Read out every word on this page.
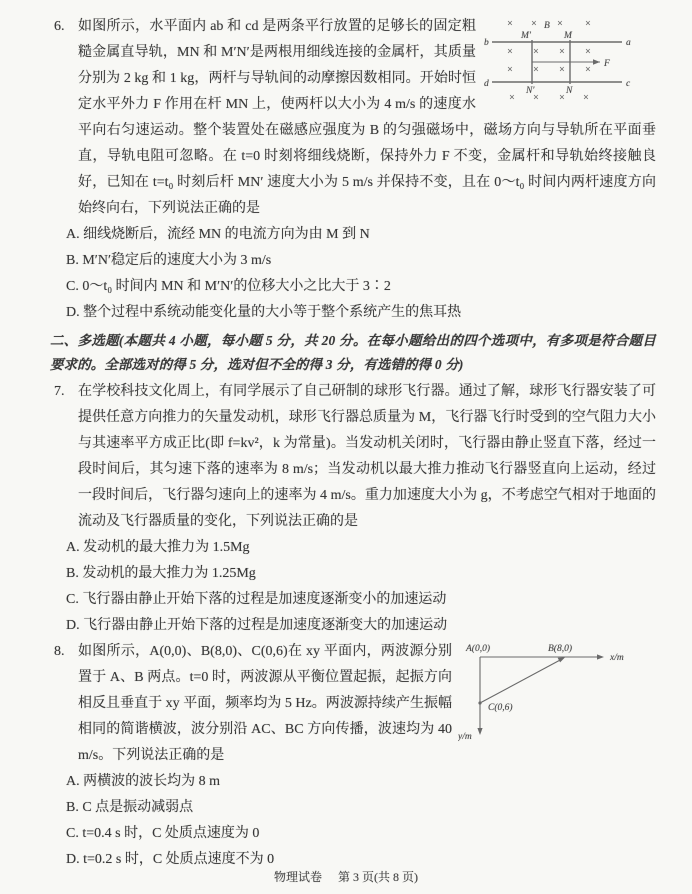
× × × ×
× × × ×
× × × ×
× × × ×
B
b	a
d	c
M′	M
N′	N
F

6. 如图所示，水平面内 ab 和 cd 是两条平行放置的足够长的固定粗糙金属直导轨，MN 和 M′N′是两根用细线连接的金属杆，其质量分别为 2 kg 和 1 kg，两杆与导轨间的动摩擦因数相同。开始时恒定水平外力 F 作用在杆 MN 上，使两杆以大小为 4 m/s 的速度水平向右匀速运动。整个装置处在磁感应强度为 B 的匀强磁场中，磁场方向与导轨所在平面垂直，导轨电阻可忽略。在 t=0 时刻将细线烧断，保持外力 F 不变，金属杆和导轨始终接触良好，已知在 t=t₀ 时刻后杆 MN′ 速度大小为 5 m/s 并保持不变，且在 0～t₀ 时间内两杆速度方向始终向右，下列说法正确的是

A. 细线烧断后，流经 MN 的电流方向为由 M 到 N
B. M′N′稳定后的速度大小为 3 m/s
C. 0～t₀ 时间内 MN 和 M′N′的位移大小之比大于 3∶2
D. 整个过程中系统动能变化量的大小等于整个系统产生的焦耳热
二、多选题(本题共 4 小题，每小题 5 分，共 20 分。在每小题给出的四个选项中，有多项是符合题目要求的。全部选对的得 5 分，选对但不全的得 3 分，有选错的得 0 分)

7. 在学校科技文化周上，有同学展示了自己研制的球形飞行器。通过了解，球形飞行器安装了可提供任意方向推力的矢量发动机，球形飞行器总质量为 M，飞行器飞行时受到的空气阻力大小与其速率平方成正比(即 f=kv²，k 为常量)。当发动机关闭时，飞行器由静止竖直下落，经过一段时间后，其匀速下落的速率为 8 m/s；当发动机以最大推力推动飞行器竖直向上运动，经过一段时间后，飞行器匀速向上的速率为 4 m/s。重力加速度大小为 g，不考虑空气相对于地面的流动及飞行器质量的变化，下列说法正确的是

A. 发动机的最大推力为 1.5Mg
B. 发动机的最大推力为 1.25Mg
C. 飞行器由静止开始下落的过程是加速度逐渐变小的加速运动
D. 飞行器由静止开始下落的过程是加速度逐渐变大的加速运动
x/m
y/m
A(0,0)	B(8,0)
C(0,6)

8. 如图所示，A(0,0)、B(8,0)、C(0,6)在 xy 平面内，两波源分别置于 A、B 两点。t=0 时，两波源从平衡位置起振，起振方向相反且垂直于 xy 平面，频率均为 5 Hz。两波源持续产生振幅相同的简谐横波，波分别沿 AC、BC 方向传播，波速均为 40 m/s。下列说法正确的是

A. 两横波的波长均为 8 m
B. C 点是振动减弱点
C. t=0.4 s 时，C 处质点速度为 0
D. t=0.2 s 时，C 处质点速度不为 0
物理试卷 第 3 页(共 8 页)
